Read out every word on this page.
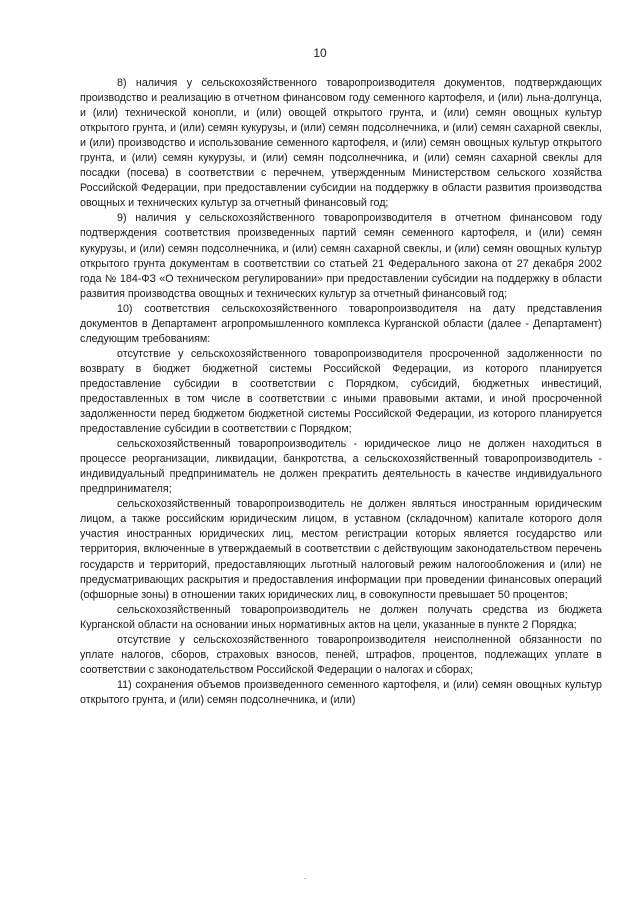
10

8) наличия у сельскохозяйственного товаропроизводителя документов, подтверждающих производство и реализацию в отчетном финансовом году семенного картофеля, и (или) льна-долгунца, и (или) технической конопли, и (или) овощей открытого грунта, и (или) семян овощных культур открытого грунта, и (или) семян кукурузы, и (или) семян подсолнечника, и (или) семян сахарной свеклы, и (или) производство и использование семенного картофеля, и (или) семян овощных культур открытого грунта, и (или) семян кукурузы, и (или) семян подсолнечника, и (или) семян сахарной свеклы для посадки (посева) в соответствии с перечнем, утвержденным Министерством сельского хозяйства Российской Федерации, при предоставлении субсидии на поддержку в области развития производства овощных и технических культур за отчетный финансовый год;

9) наличия у сельскохозяйственного товаропроизводителя в отчетном финансовом году подтверждения соответствия произведенных партий семян семенного картофеля, и (или) семян кукурузы, и (или) семян подсолнечника, и (или) семян сахарной свеклы, и (или) семян овощных культур открытого грунта документам в соответствии со статьей 21 Федерального закона от 27 декабря 2002 года № 184-ФЗ «О техническом регулировании» при предоставлении субсидии на поддержку в области развития производства овощных и технических культур за отчетный финансовый год;

10) соответствия сельскохозяйственного товаропроизводителя на дату представления документов в Департамент агропромышленного комплекса Курганской области (далее - Департамент) следующим требованиям:

отсутствие у сельскохозяйственного товаропроизводителя просроченной задолженности по возврату в бюджет бюджетной системы Российской Федерации, из которого планируется предоставление субсидии в соответствии с Порядком, субсидий, бюджетных инвестиций, предоставленных в том числе в соответствии с иными правовыми актами, и иной просроченной задолженности перед бюджетом бюджетной системы Российской Федерации, из которого планируется предоставление субсидии в соответствии с Порядком;

сельскохозяйственный товаропроизводитель - юридическое лицо не должен находиться в процессе реорганизации, ликвидации, банкротства, а сельскохозяйственный товаропроизводитель - индивидуальный предприниматель не должен прекратить деятельность в качестве индивидуального предпринимателя;

сельскохозяйственный товаропроизводитель не должен являться иностранным юридическим лицом, а также российским юридическим лицом, в уставном (складочном) капитале которого доля участия иностранных юридических лиц, местом регистрации которых является государство или территория, включенные в утверждаемый в соответствии с действующим законодательством перечень государств и территорий, предоставляющих льготный налоговый режим налогообложения и (или) не предусматривающих раскрытия и предоставления информации при проведении финансовых операций (офшорные зоны) в отношении таких юридических лиц, в совокупности превышает 50 процентов;

сельскохозяйственный товаропроизводитель не должен получать средства из бюджета Курганской области на основании иных нормативных актов на цели, указанные в пункте 2 Порядка;

отсутствие у сельскохозяйственного товаропроизводителя неисполненной обязанности по уплате налогов, сборов, страховых взносов, пеней, штрафов, процентов, подлежащих уплате в соответствии с законодательством Российской Федерации о налогах и сборах;

11) сохранения объемов произведенного семенного картофеля, и (или) семян овощных культур открытого грунта, и (или) семян подсолнечника, и (или)
